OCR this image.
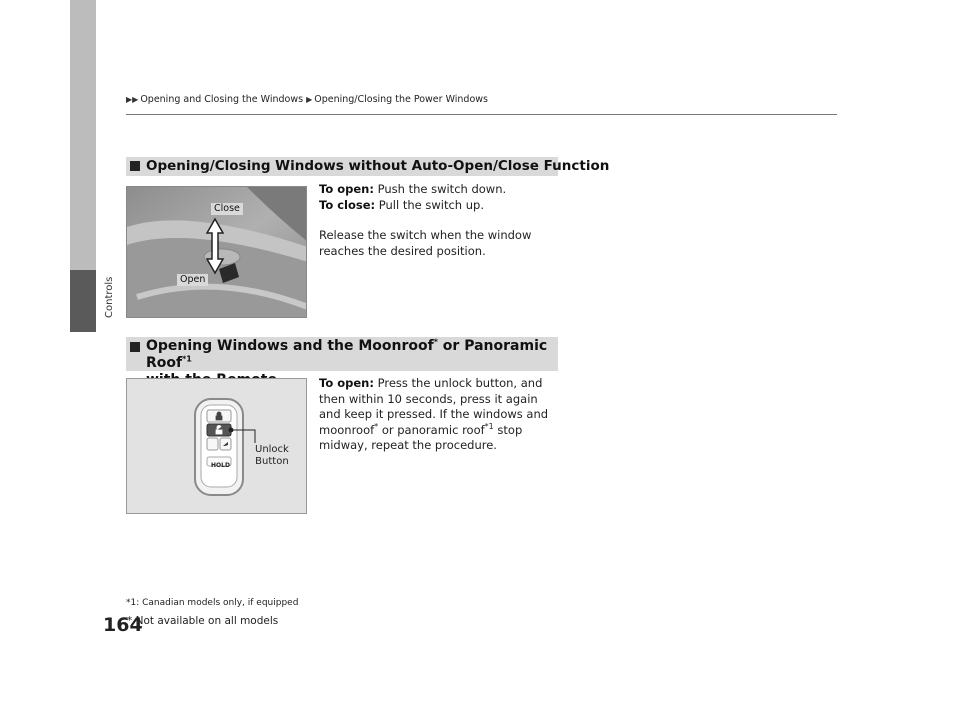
Controls
164
▶▶ Opening and Closing the Windows ▶ Opening/Closing the Power Windows
Opening/Closing Windows without Auto-Open/Close Function
Close
Open
To open: Push the switch down.
To close: Pull the switch up.
Release the switch when the window reaches the desired position.
Opening Windows and the Moonroof* or Panoramic Roof$^{*1}$

HOLD
Unlock
Button
To open: Press the unlock button, and then within 10 seconds, press it again and keep it pressed. If the windows and moonroof* or panoramic roof$^{*1}$ stop midway, repeat the procedure.
*1: Canadian models only, if equipped
* Not available on all models
